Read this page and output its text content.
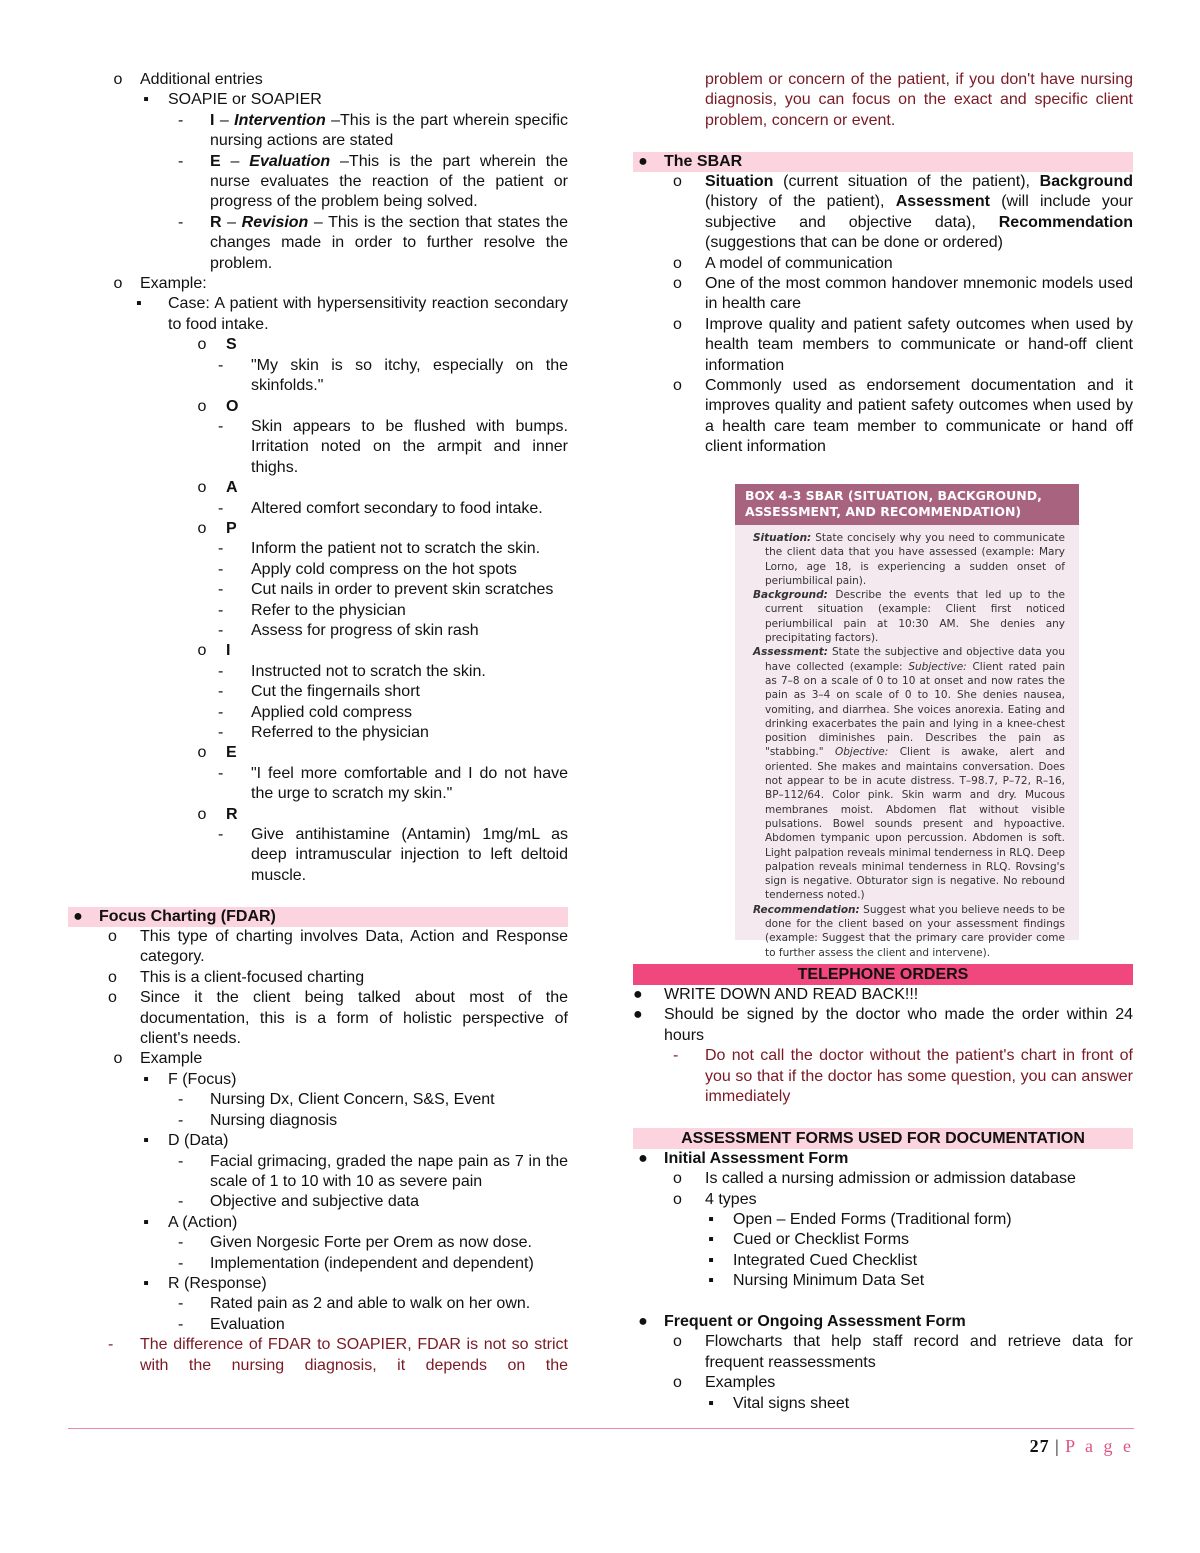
o	Additional entries
▪	SOAPIE or SOAPIER
-	I – Intervention –This is the part wherein specific nursing actions are stated
-	E – Evaluation –This is the part wherein the nurse evaluates the reaction of the patient or progress of the problem being solved.
-	R – Revision – This is the section that states the changes made in order to further resolve the problem.
o	Example:
▪	Case: A patient with hypersensitivity reaction secondary to food intake.
o	S
-	"My skin is so itchy, especially on the skinfolds."
o	O
-	Skin appears to be flushed with bumps. Irritation noted on the armpit and inner thighs.
o	A
-	Altered comfort secondary to food intake.
o	P
-	Inform the patient not to scratch the skin.
-	Apply cold compress on the hot spots
-	Cut nails in order to prevent skin scratches
-	Refer to the physician
-	Assess for progress of skin rash
o	I
-	Instructed not to scratch the skin.
-	Cut the fingernails short
-	Applied cold compress
-	Referred to the physician
o	E
-	"I feel more comfortable and I do not have the urge to scratch my skin."
o	R
-	Give antihistamine (Antamin) 1mg/mL as deep intramuscular injection to left deltoid muscle.
●	Focus Charting (FDAR)
o	This type of charting involves Data, Action and Response category.
o	This is a client-focused charting
o	Since it the client being talked about most of the documentation, this is a form of holistic perspective of client's needs.
o	Example
▪	F (Focus)
-	Nursing Dx, Client Concern, S&S, Event
-	Nursing diagnosis
▪	D (Data)
-	Facial grimacing, graded the nape pain as 7 in the scale of 1 to 10 with 10 as severe pain
-	Objective and subjective data
▪	A (Action)
-	Given Norgesic Forte per Orem as now dose.
-	Implementation (independent and dependent)
▪	R (Response)
-	Rated pain as 2 and able to walk on her own.
-	Evaluation
-	The difference of FDAR to SOAPIER, FDAR is not so strict with the nursing diagnosis, it depends on the
problem or concern of the patient, if you don't have nursing diagnosis, you can focus on the exact and specific client problem, concern or event.
●	The SBAR
o	Situation (current situation of the patient), Background (history of the patient), Assessment (will include your subjective and objective data), Recommendation (suggestions that can be done or ordered)
o	A model of communication
o	One of the most common handover mnemonic models used in health care
o	Improve quality and patient safety outcomes when used by health team members to communicate or hand-off client information
o	Commonly used as endorsement documentation and it improves quality and patient safety outcomes when used by a health care team member to communicate or hand off client information
BOX 4-3 SBAR (SITUATION, BACKGROUND, ASSESSMENT, AND RECOMMENDATION)
Situation: State concisely why you need to communicate the client data that you have assessed (example: Mary Lorno, age 18, is experiencing a sudden onset of periumbilical pain).
Background: Describe the events that led up to the current situation (example: Client first noticed periumbilical pain at 10:30 AM. She denies any precipitating factors).
Assessment: State the subjective and objective data you have collected (example: Subjective: Client rated pain as 7–8 on a scale of 0 to 10 at onset and now rates the pain as 3–4 on scale of 0 to 10. She denies nausea, vomiting, and diarrhea. She voices anorexia. Eating and drinking exacerbates the pain and lying in a knee-chest position diminishes pain. Describes the pain as "stabbing." Objective: Client is awake, alert and oriented. She makes and maintains conversation. Does not appear to be in acute distress. T–98.7, P–72, R–16, BP–112/64. Color pink. Skin warm and dry. Mucous membranes moist. Abdomen flat without visible pulsations. Bowel sounds present and hypoactive. Abdomen tympanic upon percussion. Abdomen is soft. Light palpation reveals minimal tenderness in RLQ. Deep palpation reveals minimal tenderness in RLQ. Rovsing's sign is negative. Obturator sign is negative. No rebound tenderness noted.)
Recommendation: Suggest what you believe needs to be done for the client based on your assessment findings (example: Suggest that the primary care provider come to further assess the client and intervene).
TELEPHONE ORDERS
●	WRITE DOWN AND READ BACK!!!
●	Should be signed by the doctor who made the order within 24 hours
-	Do not call the doctor without the patient's chart in front of you so that if the doctor has some question, you can answer immediately
ASSESSMENT FORMS USED FOR DOCUMENTATION
●	Initial Assessment Form
o	Is called a nursing admission or admission database
o	4 types
▪	Open – Ended Forms (Traditional form)
▪	Cued or Checklist Forms
▪	Integrated Cued Checklist
▪	Nursing Minimum Data Set
●	Frequent or Ongoing Assessment Form
o	Flowcharts that help staff record and retrieve data for frequent reassessments
o	Examples
▪	Vital signs sheet
27 | P a g e
